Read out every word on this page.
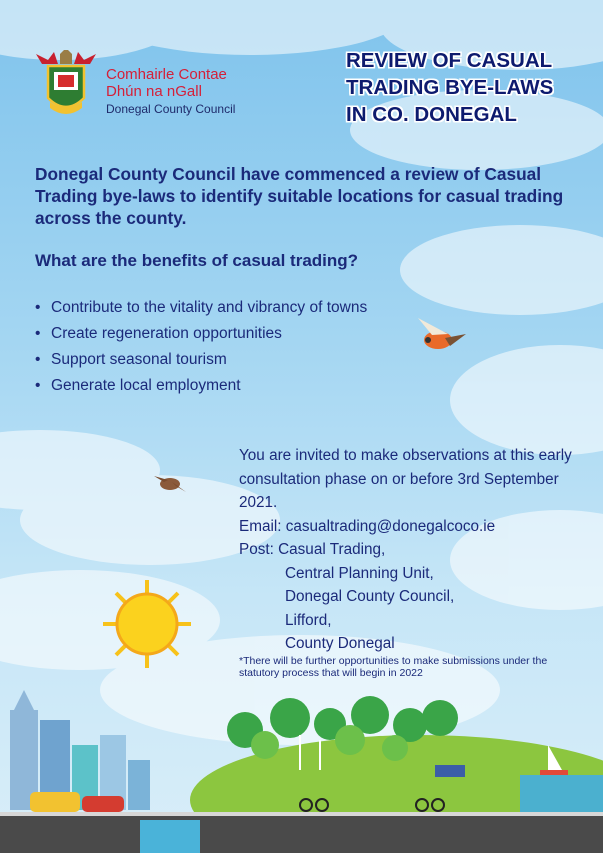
Comhairle Contae
Dhún na nGall
Donegal County Council
REVIEW OF CASUAL
TRADING BYE-LAWS
IN CO. DONEGAL

Donegal County Council have commenced a review of Casual Trading bye-laws to identify suitable locations for casual trading across the county.

What are the benefits of casual trading?
• Contribute to the vitality and vibrancy of towns
• Create regeneration opportunities
• Support seasonal tourism
• Generate local employment

You are invited to make observations at this early consultation phase on or before 3rd September 2021.

Email: casualtrading@donegalcoco.ie

Post: Casual Trading,

Central Planning Unit,

Donegal County Council,

Lifford,

County Donegal

*There will be further opportunities to make submissions under the statutory process that will begin in 2022
